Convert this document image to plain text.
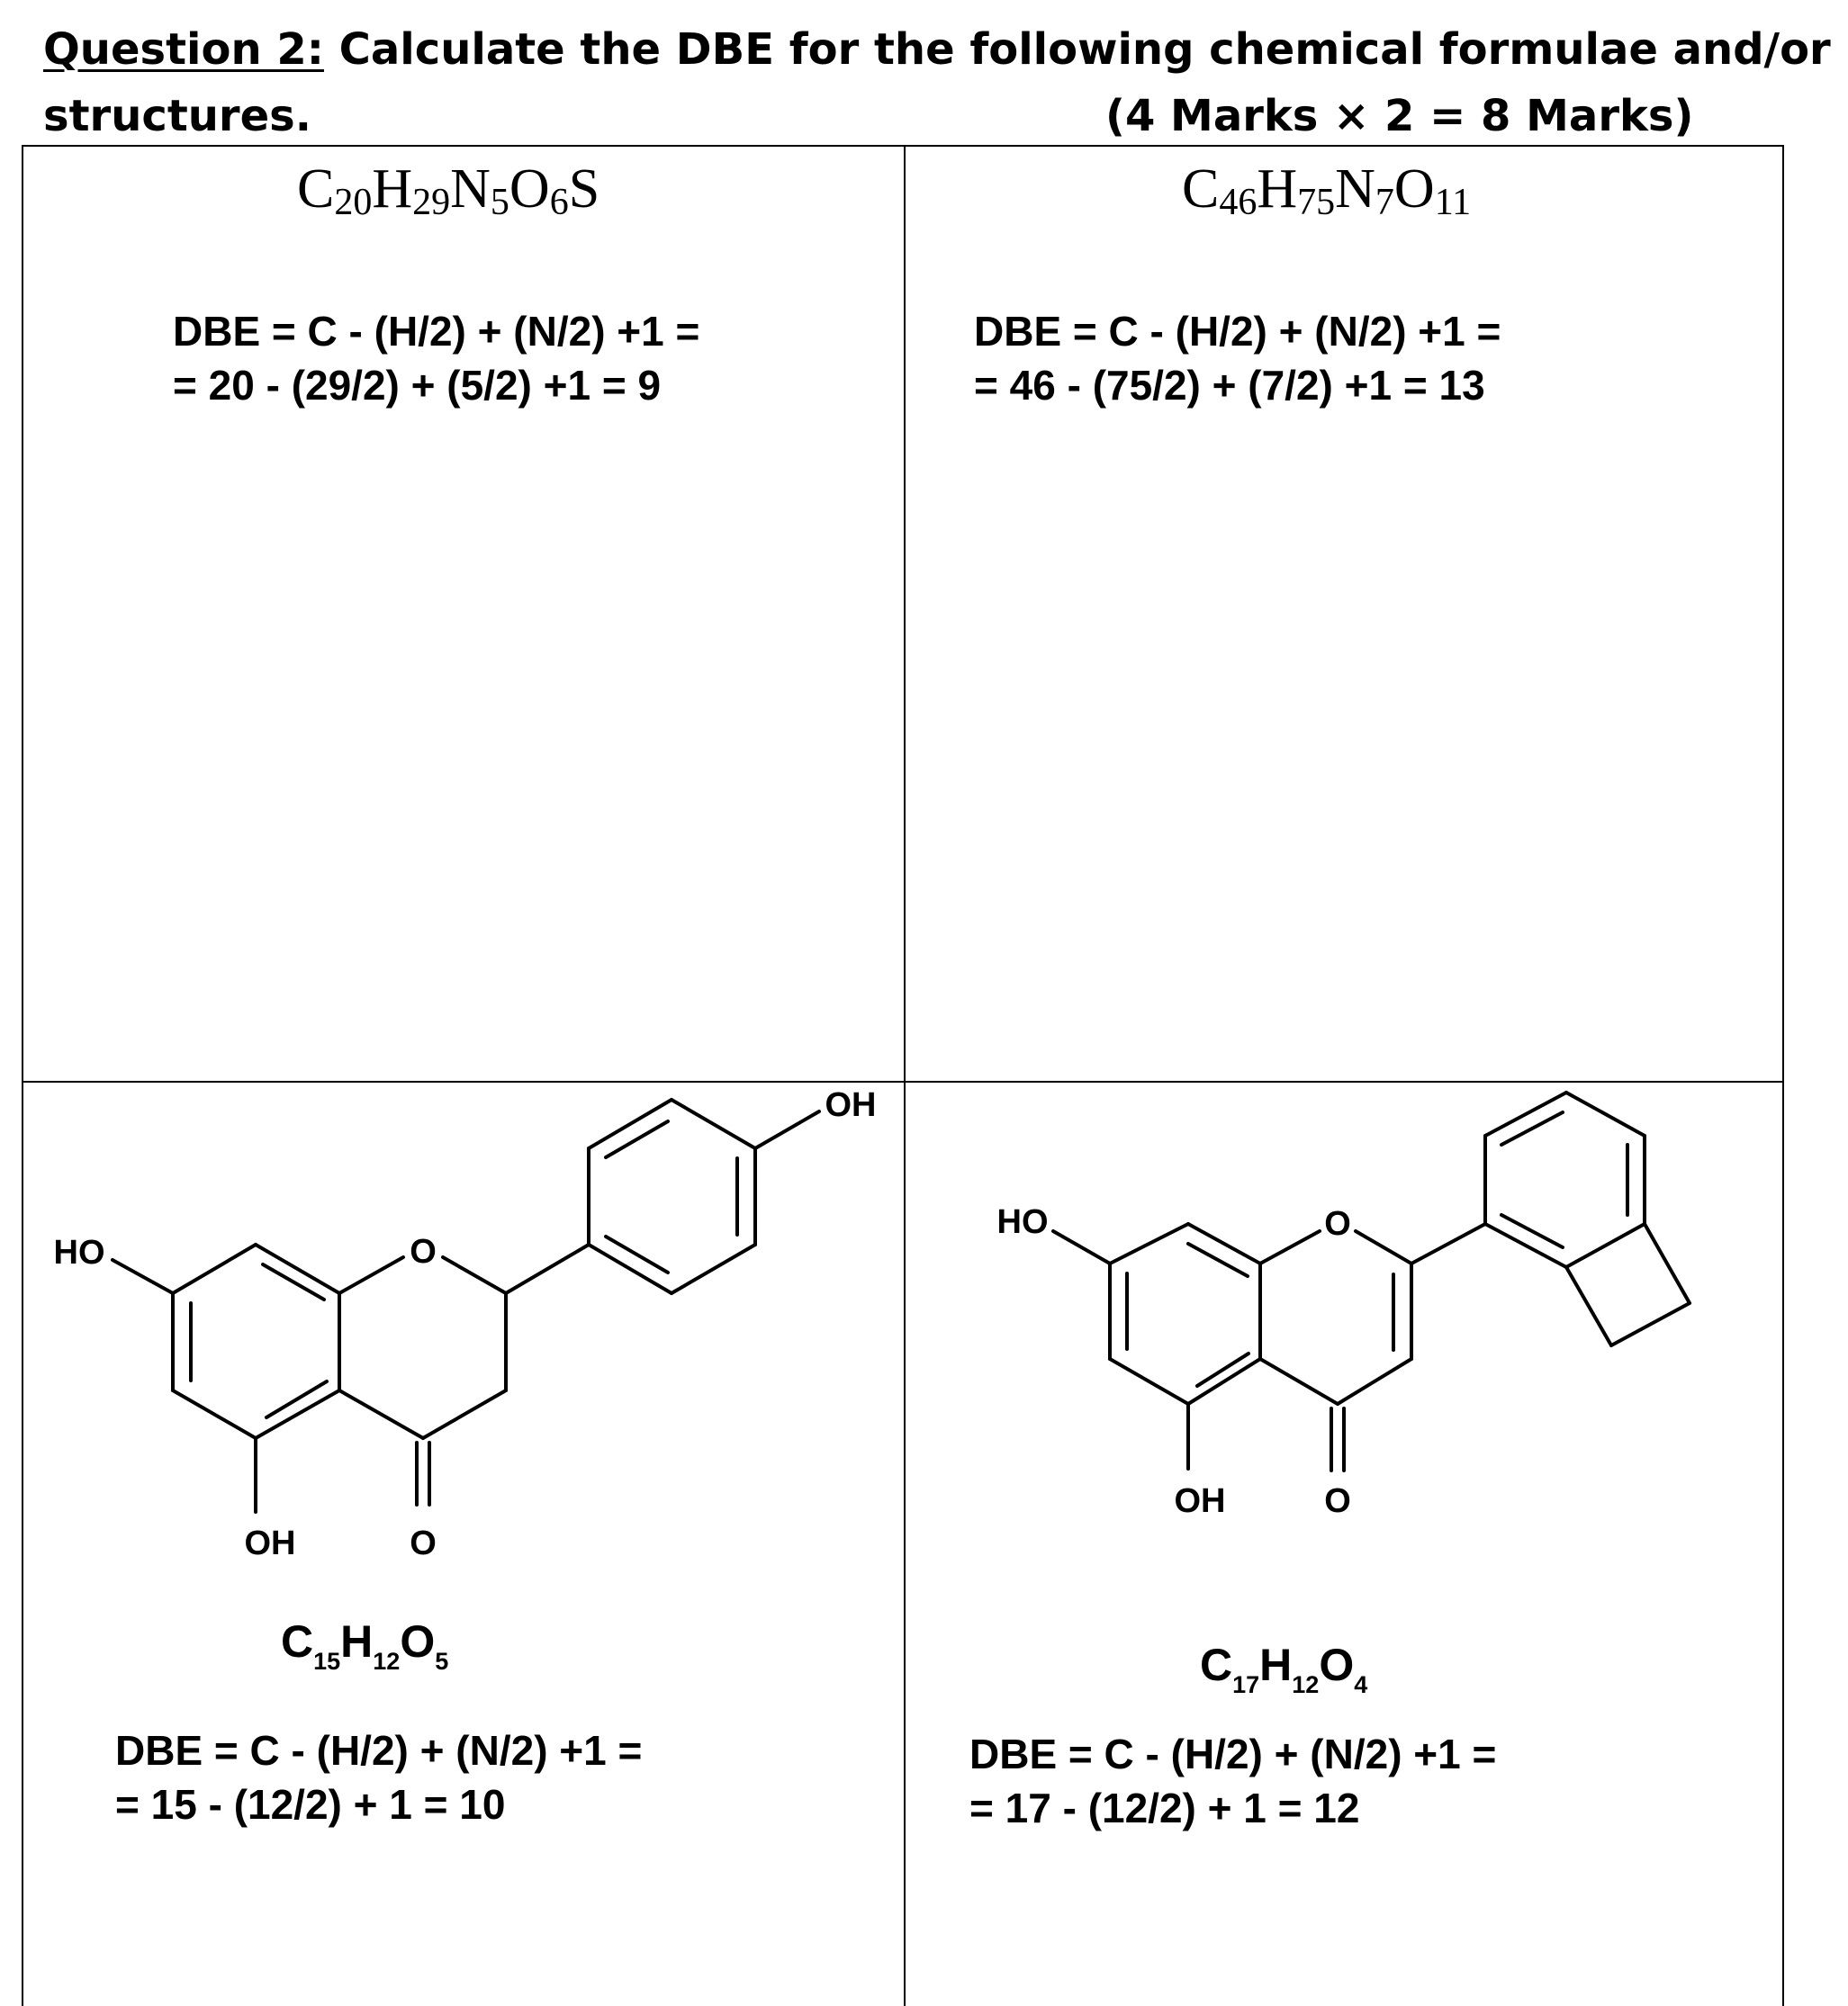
Question 2: Calculate the DBE for the following chemical formulae and/or
structures.	(4 Marks × 2 = 8 Marks)
$C_{20}H_{29}N_5O_6S$
DBE = C - (H/2) + (N/2) +1 =
= 20 - (29/2) + (5/2) +1 = 9
$C_{46}H_{75}N_7O_{11}$
DBE = C - (H/2) + (N/2) +1 =
= 46 - (75/2) + (7/2) +1 = 13
HO
OH	O
O
OH
$C_{15}H_{12}O_5$
DBE = C - (H/2) + (N/2) +1 =
= 15 - (12/2) + 1 = 10
HO
OH	O
O
$C_{17}H_{12}O_4$
DBE = C - (H/2) + (N/2) +1 =
= 17 - (12/2) + 1 = 12
